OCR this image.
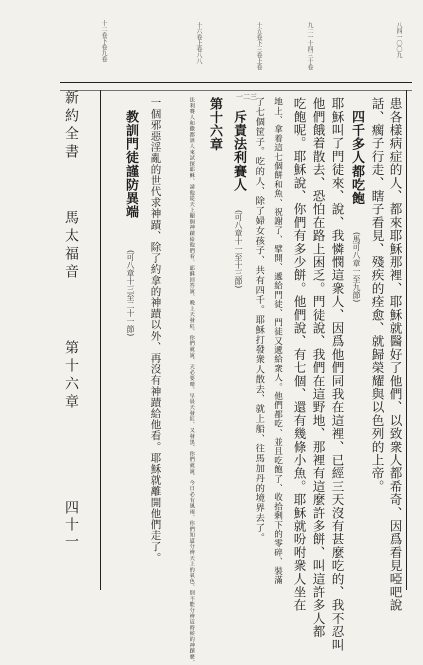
八四一〇〇九
九二一十四三十卷
十五卷下三卷上卷
十六卷上卷八八
十二卷下卷九卷
一二三	患各樣病症的人、都來耶穌那裡、耶穌就醫好了他們、以致衆人都希奇、因爲看見啞吧說
話、瘸子行走、瞎子看見、殘疾的痊愈、就歸榮耀與以色列的上帝。
四千多人都吃飽
(馬可八章一至九節)
耶穌叫了門徒來、說、我憐憫這衆人、因爲他們同我在這裡、已經三天沒有甚麼吃的、我不忍叫
他們餓着散去、恐怕在路上困乏。門徒說、我們在這野地、那裡有這麼許多餅、叫這許多人都
吃飽呢。耶穌說、你們有多少餅。他們說、有七個、還有幾條小魚。耶穌就吩咐衆人坐在
地上、拿着這七個餅和魚、祝謝了、擘開、遞給門徒、門徒又遞給衆人。他們都吃、並且吃飽了、收拾剩下的零碎、裝滿
了七個筐子。吃的人、除了婦女孩子、共有四千。耶穌打發衆人散去、就上船、往馬加丹的境界去了。
斥責法利賽人
(可八章十一至十三節)
第十六章
法利賽人和撒都該人來試探耶穌、請他從天上顯個神蹟給他們看。耶穌回答說、晚上天發紅、你們就說、天必要晴。早晨天發紅、又發黑、你們就說、今日必有風雨。你們知道分辨天上的氣色、倒不能分辨這時候的神蹟麼。
一個邪惡淫亂的世代求神蹟、除了約拿的神蹟以外、再沒有神蹟給他看。耶穌就離開他們走了。
教訓門徒謹防異端
(可八章十三至二十一節)
新約全書
馬太福音
第十六章
四十一
